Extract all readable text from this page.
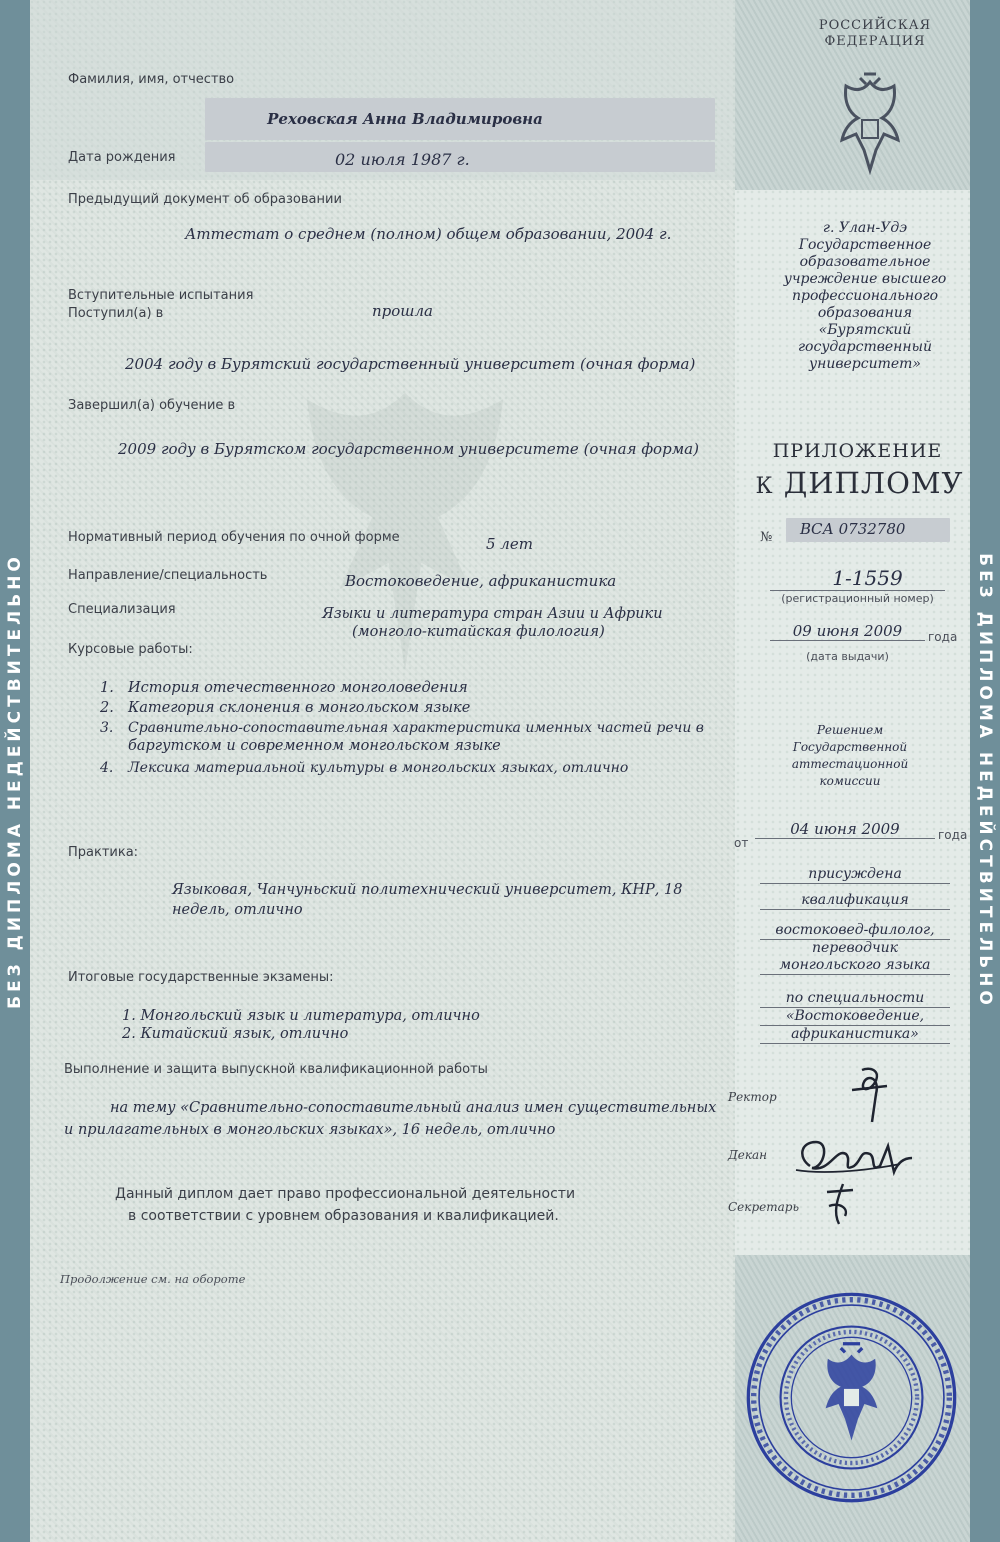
БЕЗ ДИПЛОМА НЕДЕЙСТВИТЕЛЬНО	БЕЗ ДИПЛОМА НЕДЕЙСТВИТЕЛЬНО
Фамилия, имя, отчество
Реховская Анна Владимировна
Дата рождения	02 июля 1987 г.
Предыдущий документ об образовании
Аттестат о среднем (полном) общем образовании, 2004 г.
Вступительные испытания
Поступил(а) в	прошла
2004 году в Бурятский государственный университет (очная форма)
Завершил(а) обучение в
2009 году в Бурятском государственном университете (очная форма)
Нормативный период обучения по очной форме	5 лет
Направление/специальность	Востоковедение, африканистика
Специализация	Языки и литература стран Азии и Африки
(монголо-китайская филология)
Курсовые работы:
1. История отечественного монголоведения
2. Категория склонения в монгольском языке
3. Сравнительно-сопоставительная характеристика именных частей речи в
баргутском и современном монгольском языке
4. Лексика материальной культуры в монгольских языках, отлично
Практика:
Языковая, Чанчуньский политехнический университет, КНР, 18
недель, отлично
Итоговые государственные экзамены:
1. Монгольский язык и литература, отлично
2. Китайский язык, отлично
Выполнение и защита выпускной квалификационной работы
на тему «Сравнительно-сопоставительный анализ имен существительных
и прилагательных в монгольских языках», 16 недель, отлично
Данный диплом дает право профессиональной деятельности
в соответствии с уровнем образования и квалификацией.
Продолжение см. на обороте
РОССИЙСКАЯ ФЕДЕРАЦИЯ
г. Улан-Удэ
Государственное
образовательное
учреждение высшего
профессионального
образования
«Бурятский
государственный
университет»
ПРИЛОЖЕНИЕ
К ДИПЛОМУ
№ ВСА 0732780
1-1559
(регистрационный номер)
09 июня 2009	года
(дата выдачи)
Решением
Государственной
аттестационной
комиссии
от
04 июня 2009	года
присуждена
квалификация
востоковед-филолог,
переводчик
монгольского языка
по специальности
«Востоковедение,
африканистика»
Ректор
Декан
Секретарь
